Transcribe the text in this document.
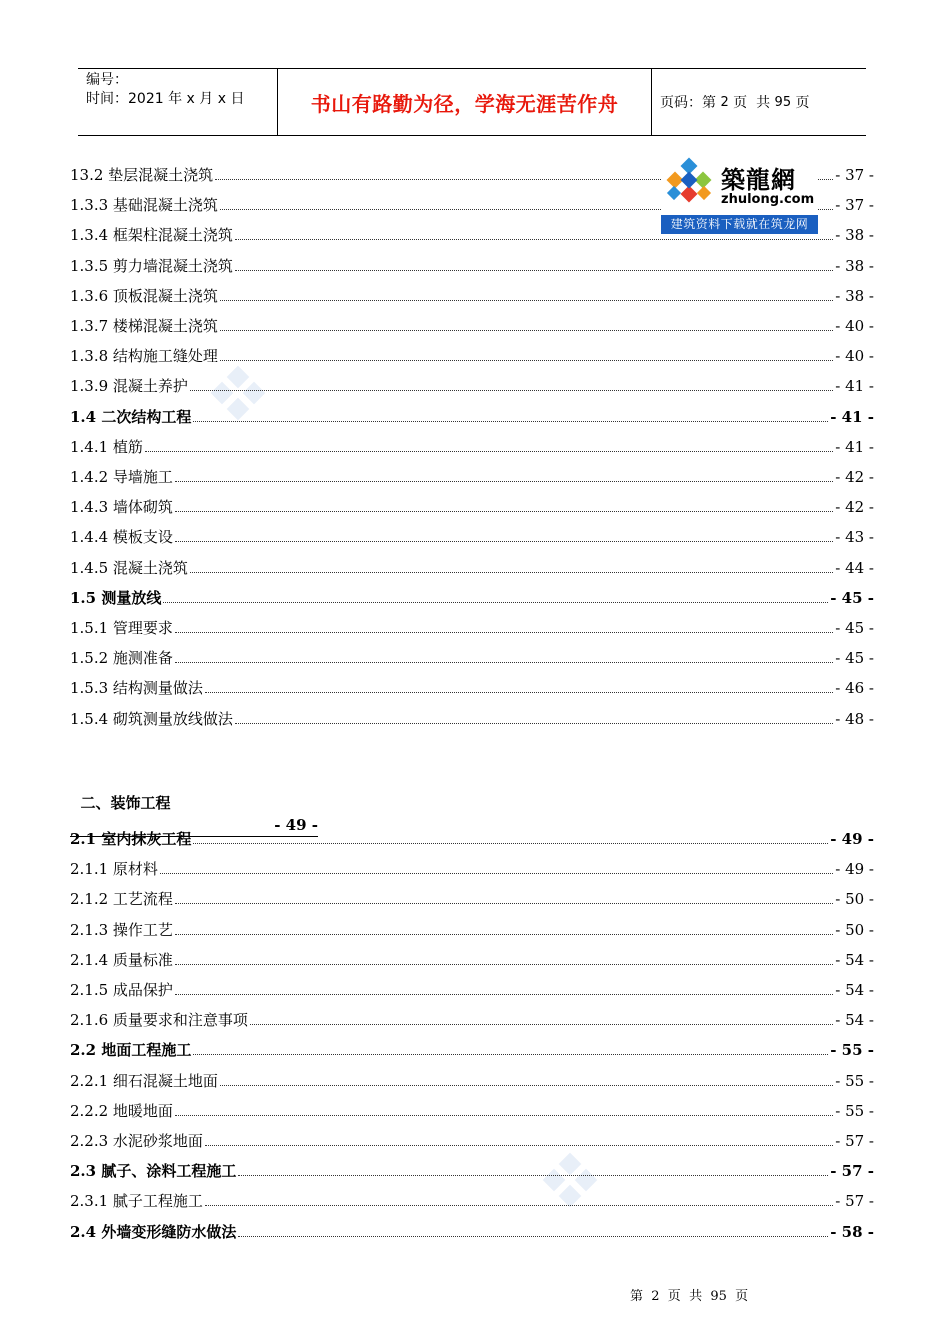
编号：
时间：2021 年 x 月 x 日	书山有路勤为径，学海无涯苦作舟	页码：第 2 页  共 95 页
13.2 垫层混凝土浇筑	- 37 -
1.3.3 基础混凝土浇筑	- 37 -
1.3.4 框架柱混凝土浇筑	- 38 -
1.3.5 剪力墙混凝土浇筑	- 38 -
1.3.6 顶板混凝土浇筑	- 38 -
1.3.7 楼梯混凝土浇筑	- 40 -
1.3.8 结构施工缝处理	- 40 -
1.3.9 混凝土养护	- 41 -
1.4 二次结构工程	- 41 -
1.4.1 植筋	- 41 -
1.4.2 导墙施工	- 42 -
1.4.3 墙体砌筑	- 42 -
1.4.4 模板支设	- 43 -
1.4.5 混凝土浇筑	- 44 -
1.5 测量放线	- 45 -
1.5.1 管理要求	- 45 -
1.5.2 施测准备	- 45 -
1.5.3 结构测量做法	- 46 -
1.5.4 砌筑测量放线做法	- 48 -

二、装饰工程

- 49 -

2.1 室内抹灰工程	- 49 -
2.1.1 原材料	- 49 -
2.1.2 工艺流程	- 50 -
2.1.3 操作工艺	- 50 -
2.1.4 质量标准	- 54 -
2.1.5 成品保护	- 54 -
2.1.6 质量要求和注意事项	- 54 -
2.2 地面工程施工	- 55 -
2.2.1 细石混凝土地面	- 55 -
2.2.2 地暖地面	- 55 -
2.2.3 水泥砂浆地面	- 57 -
2.3 腻子、涂料工程施工	- 57 -
2.3.1 腻子工程施工	- 57 -
2.4 外墙变形缝防水做法	- 58 -
築龍網
zhulong.com
建筑资料下载就在筑龙网
第  2  页  共  95  页
